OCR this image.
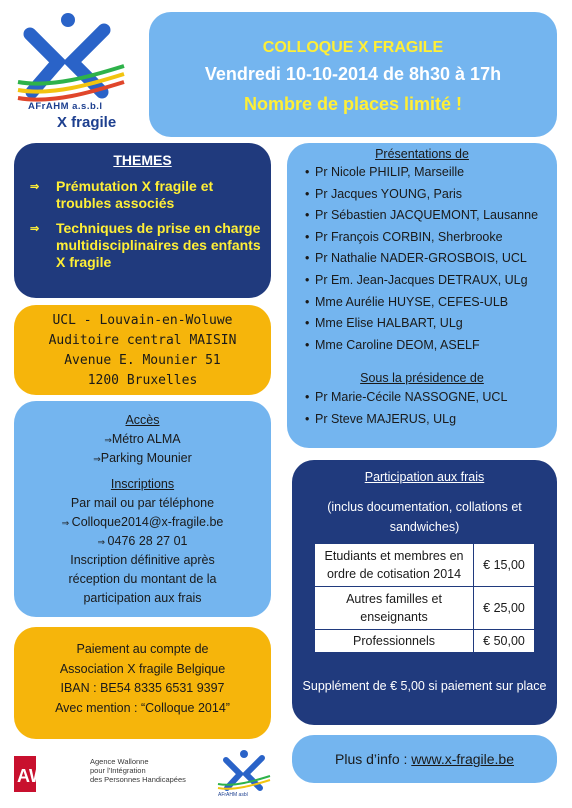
AFrAHM a.s.b.l
X fragile
COLLOQUE X FRAGILE
Vendredi 10-10-2014 de 8h30 à 17h
Nombre de places limité !
THEMES
⇒ Prémutation X fragile et troubles associés
⇒ Techniques de prise en charge multidisciplinaires des enfants X fragile
Présentations de
• Pr Nicole PHILIP, Marseille
• Pr Jacques YOUNG, Paris
• Pr Sébastien JACQUEMONT, Lausanne
• Pr François CORBIN, Sherbrooke
• Pr Nathalie NADER-GROSBOIS, UCL
• Pr Em. Jean-Jacques DETRAUX, ULg
• Mme Aurélie HUYSE, CEFES-ULB
• Mme Elise HALBART, ULg
• Mme Caroline DEOM, ASELF
Sous la présidence de
• Pr Marie-Cécile NASSOGNE, UCL
• Pr Steve MAJERUS, ULg
UCL - Louvain-en-Woluwe
Auditoire central MAISIN
Avenue E. Mounier 51
1200 Bruxelles
Accès
⇒Métro ALMA
⇒Parking Mounier
Inscriptions
Par mail ou par téléphone
⇒ Colloque2014@x-fragile.be
⇒ 0476 28 27 01
Inscription définitive après
réception du montant de la
participation aux frais
Paiement au compte de
Association X fragile Belgique
IBAN : BE54 8335 6531 9397
Avec mention : “Colloque 2014”
Participation aux frais
(inclus documentation, collations et sandwiches)
Etudiants et membres en ordre de cotisation 2014	€ 15,00
Autres familles et enseignants	€ 25,00
Professionnels	€ 50,00
Supplément de € 5,00 si paiement sur place
AWIPH
Agence Wallonne
pour l'Intégration
des Personnes Handicapées
AFrAHM asbl
Plus d’info : www.x-fragile.be
